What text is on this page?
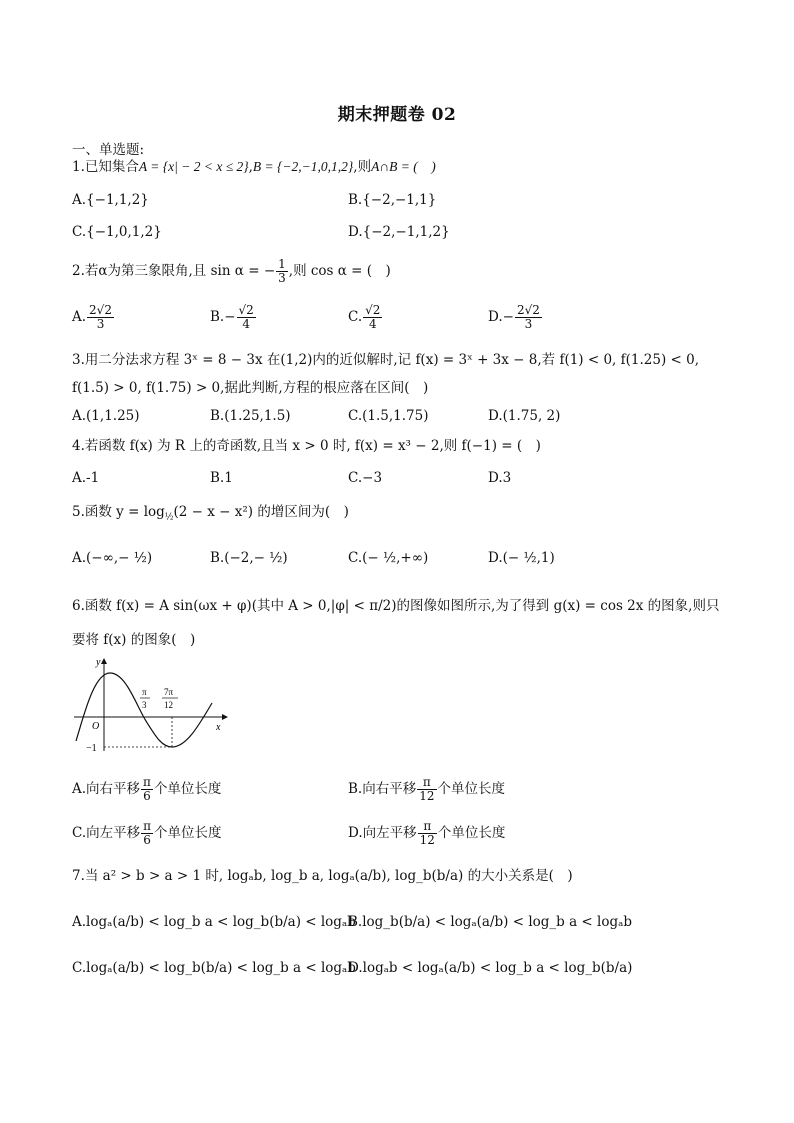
期末押题卷 02
一、单选题:
1.已知集合A = {x| − 2 < x ≤ 2},B = {−2,−1,0,1,2},则A∩B = (　)
A.{−1,1,2}	B.{−2,−1,1}
C.{−1,0,1,2}	D.{−2,−1,1,2}
2.若α为第三象限角,且 sin α = − $\frac{1}{3}$ ,则 cos α = (　)
A. $\frac{2√2}{3}$	$B.- \frac{√2}{4}$	C. $\frac{√2}{4}$	$D.- \frac{2√2}{3}$
3.用二分法求方程 3ˣ = 8 − 3x 在(1,2)内的近似解时,记 f(x) = 3ˣ + 3x − 8,若 f(1) < 0, f(1.25) < 0,
f(1.5) > 0, f(1.75) > 0,据此判断,方程的根应落在区间(　)
A.(1,1.25)	B.(1.25,1.5)	C.(1.5,1.75)	D.(1.75, 2)
4.若函数 f(x) 为 R 上的奇函数,且当 x > 0 时, f(x) = x³ − 2,则 f(−1) = (　)
A.-1	B.1	C.−3	D.3
5.函数 $y = \log_{\frac{1}{2}}(2 - x - x^2)$ 的增区间为(　)
A.(−∞,− ½)	B.(−2,− ½)	C.(− ½,+∞)	D.(− ½,1)
6.函数 f(x) = A sin(ωx + φ)(其中 A > 0,|φ| < π/2)的图像如图所示,为了得到 g(x) = cos 2x 的图象,则只
要将 f(x) 的图象(　)
y
x
O
−1
π
3
7π
12
A.向右平移 $\frac{\pi}{6}$ 个单位长度	B.向右平移 $\frac{\pi}{12}$ 个单位长度
C.向左平移 $\frac{\pi}{6}$ 个单位长度	D.向左平移 $\frac{\pi}{12}$ 个单位长度
7.当 a² > b > a > 1 时, logₐb, log_b a, logₐ(a/b), log_b(b/a) 的大小关系是(　)
A.logₐ(a/b) < log_b a < log_b(b/a) < logₐb
B.log_b(b/a) < logₐ(a/b) < log_b a < logₐb
C.logₐ(a/b) < log_b(b/a) < log_b a < logₐb
D.logₐb < logₐ(a/b) < log_b a < log_b(b/a)
